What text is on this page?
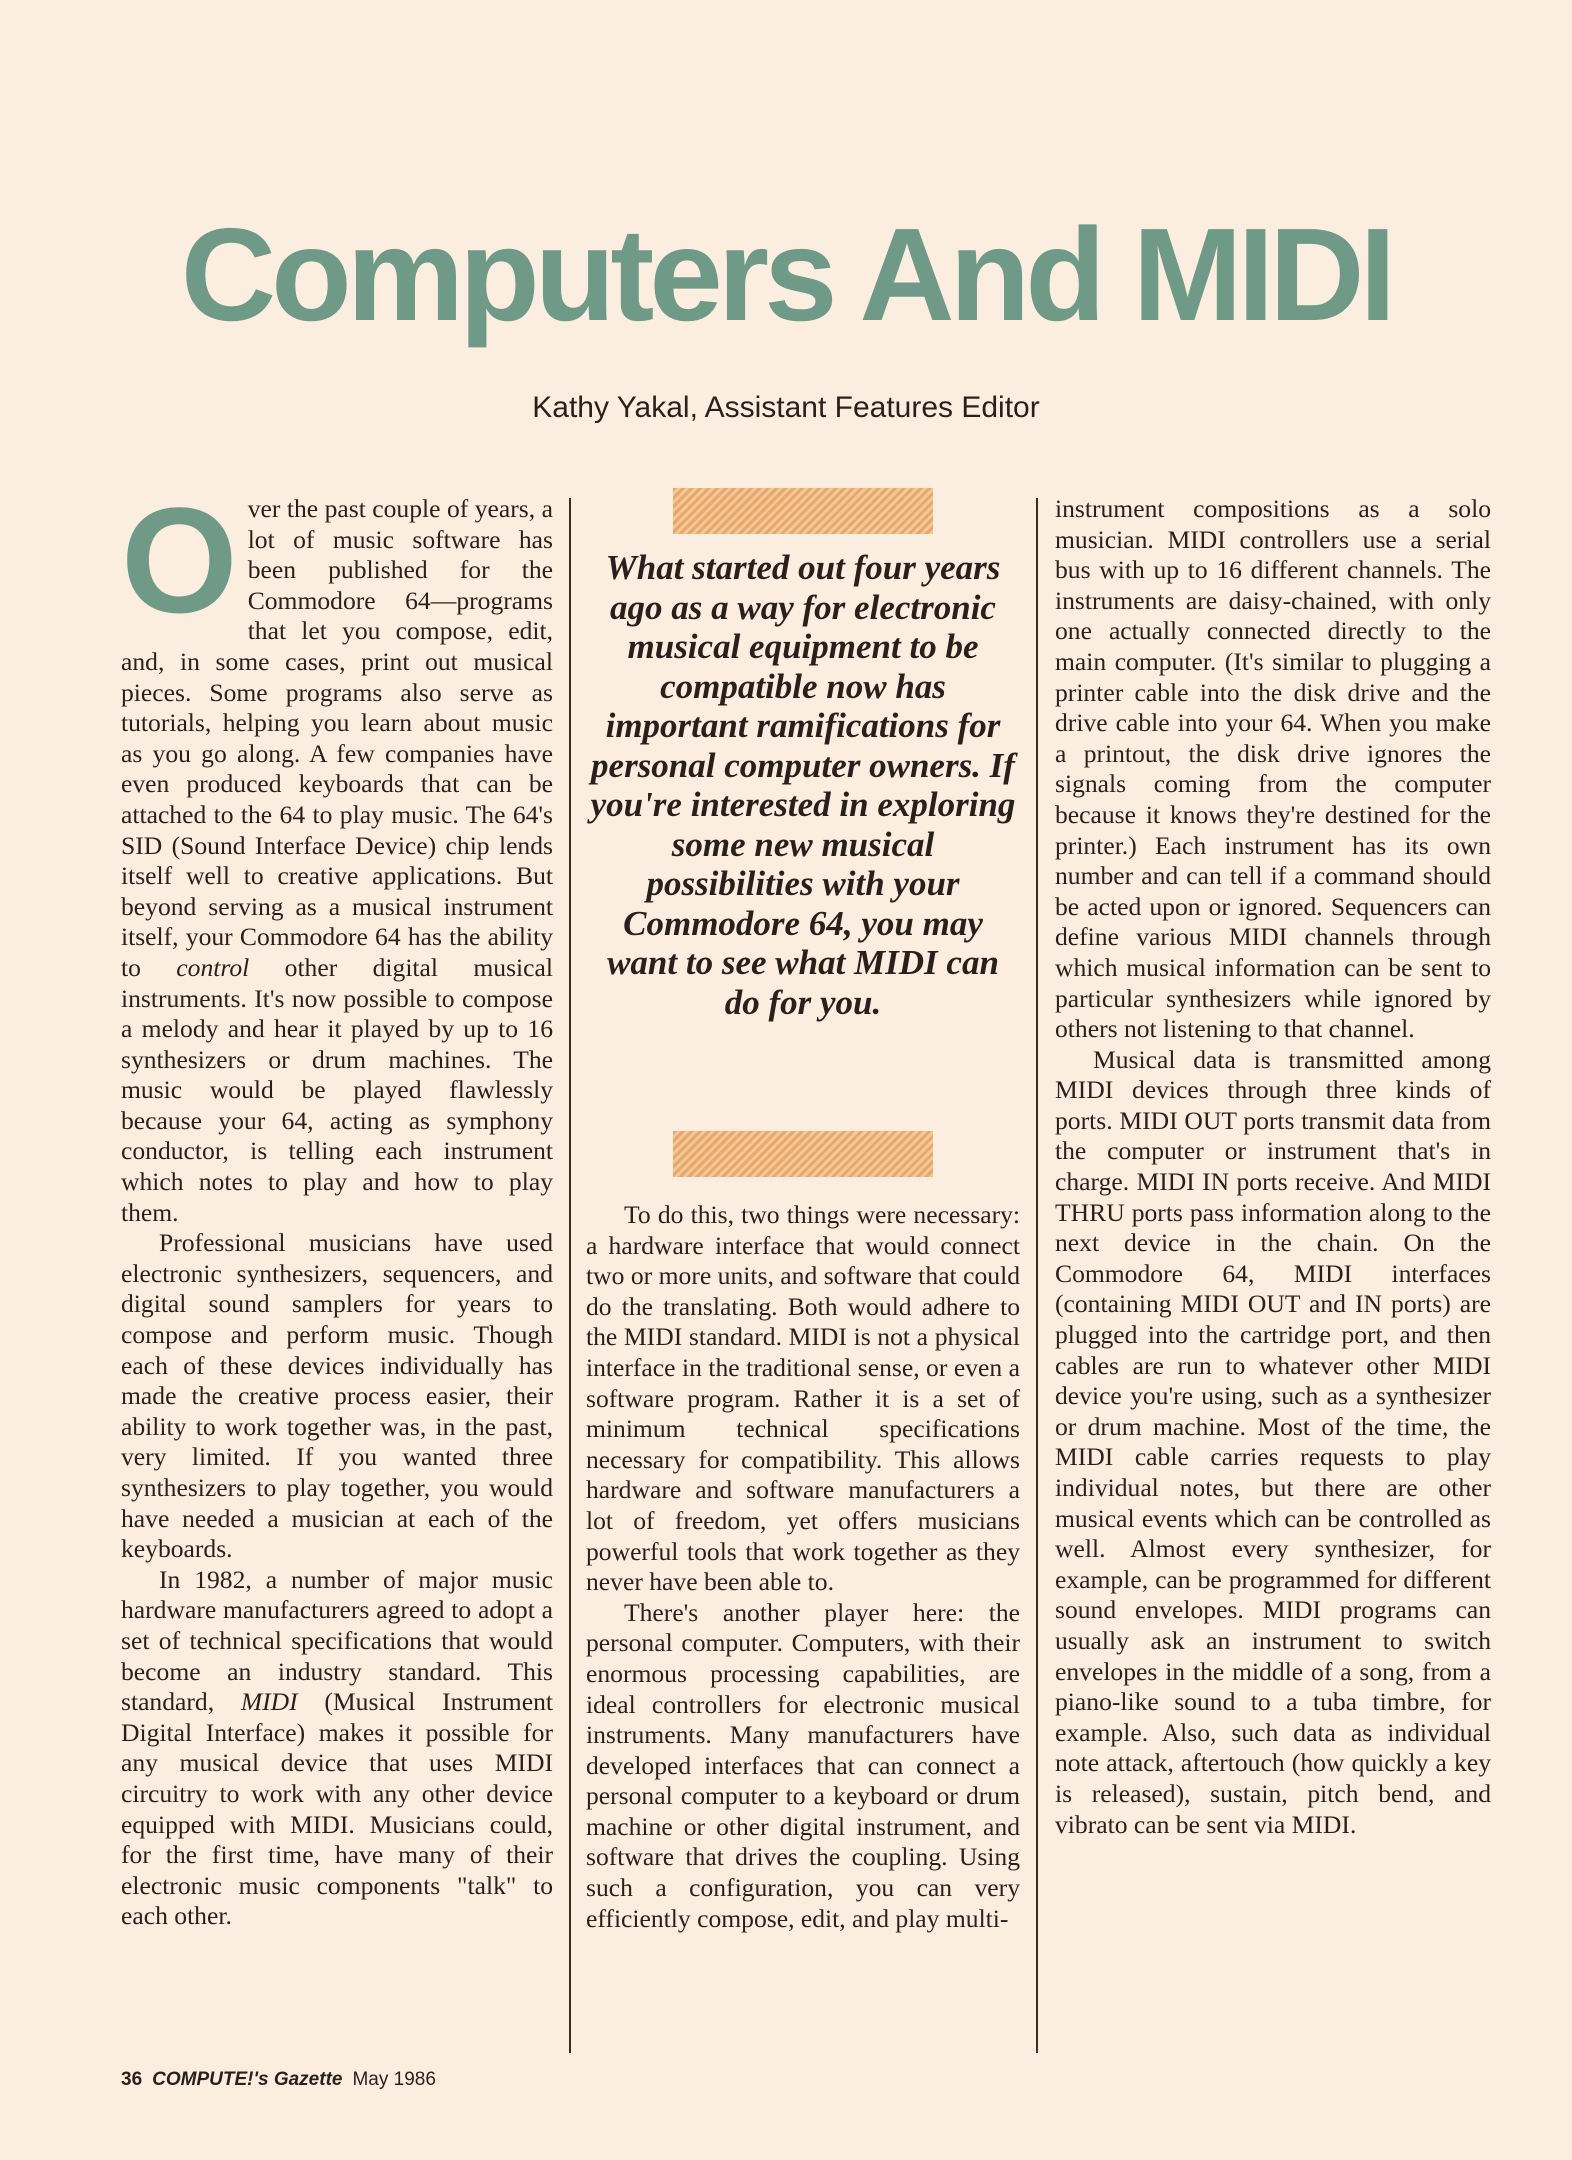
Computers And MIDI
Kathy Yakal, Assistant Features Editor

Over the past couple of years, a lot of music software has been published for the Commodore 64—programs that let you compose, edit, and, in some cases, print out musical pieces. Some programs also serve as tutorials, helping you learn about music as you go along. A few companies have even produced keyboards that can be attached to the 64 to play music. The 64's SID (Sound Interface Device) chip lends itself well to creative applications. But beyond serving as a musical instrument itself, your Commodore 64 has the ability to control other digital musical instruments. It's now possible to compose a melody and hear it played by up to 16 synthesizers or drum machines. The music would be played flawlessly because your 64, acting as symphony conductor, is telling each instrument which notes to play and how to play them.

Professional musicians have used electronic synthesizers, sequencers, and digital sound samplers for years to compose and perform music. Though each of these devices individually has made the creative process easier, their ability to work together was, in the past, very limited. If you wanted three synthesizers to play together, you would have needed a musician at each of the keyboards.

In 1982, a number of major music hardware manufacturers agreed to adopt a set of technical specifications that would become an industry standard. This standard, MIDI (Musical Instrument Digital Interface) makes it possible for any musical device that uses MIDI circuitry to work with any other device equipped with MIDI. Musicians could, for the first time, have many of their electronic music components "talk" to each other.

What started out four years ago as a way for electronic musical equipment to be compatible now has important ramifications for personal computer owners. If you're interested in exploring some new musical possibilities with your Commodore 64, you may want to see what MIDI can do for you.

To do this, two things were necessary: a hardware interface that would connect two or more units, and software that could do the translating. Both would adhere to the MIDI standard. MIDI is not a physical interface in the traditional sense, or even a software program. Rather it is a set of minimum technical specifications necessary for compatibility. This allows hardware and software manufacturers a lot of freedom, yet offers musicians powerful tools that work together as they never have been able to.

There's another player here: the personal computer. Computers, with their enormous processing capabilities, are ideal controllers for electronic musical instruments. Many manufacturers have developed interfaces that can connect a personal computer to a keyboard or drum machine or other digital instrument, and software that drives the coupling. Using such a configuration, you can very efficiently compose, edit, and play multi-

instrument compositions as a solo musician. MIDI controllers use a serial bus with up to 16 different channels. The instruments are daisy-chained, with only one actually connected directly to the main computer. (It's similar to plugging a printer cable into the disk drive and the drive cable into your 64. When you make a printout, the disk drive ignores the signals coming from the computer because it knows they're destined for the printer.) Each instrument has its own number and can tell if a command should be acted upon or ignored. Sequencers can define various MIDI channels through which musical information can be sent to particular synthesizers while ignored by others not listening to that channel.

Musical data is transmitted among MIDI devices through three kinds of ports. MIDI OUT ports transmit data from the computer or instrument that's in charge. MIDI IN ports receive. And MIDI THRU ports pass information along to the next device in the chain. On the Commodore 64, MIDI interfaces (containing MIDI OUT and IN ports) are plugged into the cartridge port, and then cables are run to whatever other MIDI device you're using, such as a synthesizer or drum machine. Most of the time, the MIDI cable carries requests to play individual notes, but there are other musical events which can be controlled as well. Almost every synthesizer, for example, can be programmed for different sound envelopes. MIDI programs can usually ask an instrument to switch envelopes in the middle of a song, from a piano-like sound to a tuba timbre, for example. Also, such data as individual note attack, aftertouch (how quickly a key is released), sustain, pitch bend, and vibrato can be sent via MIDI.

36 COMPUTE!'s Gazette May 1986
